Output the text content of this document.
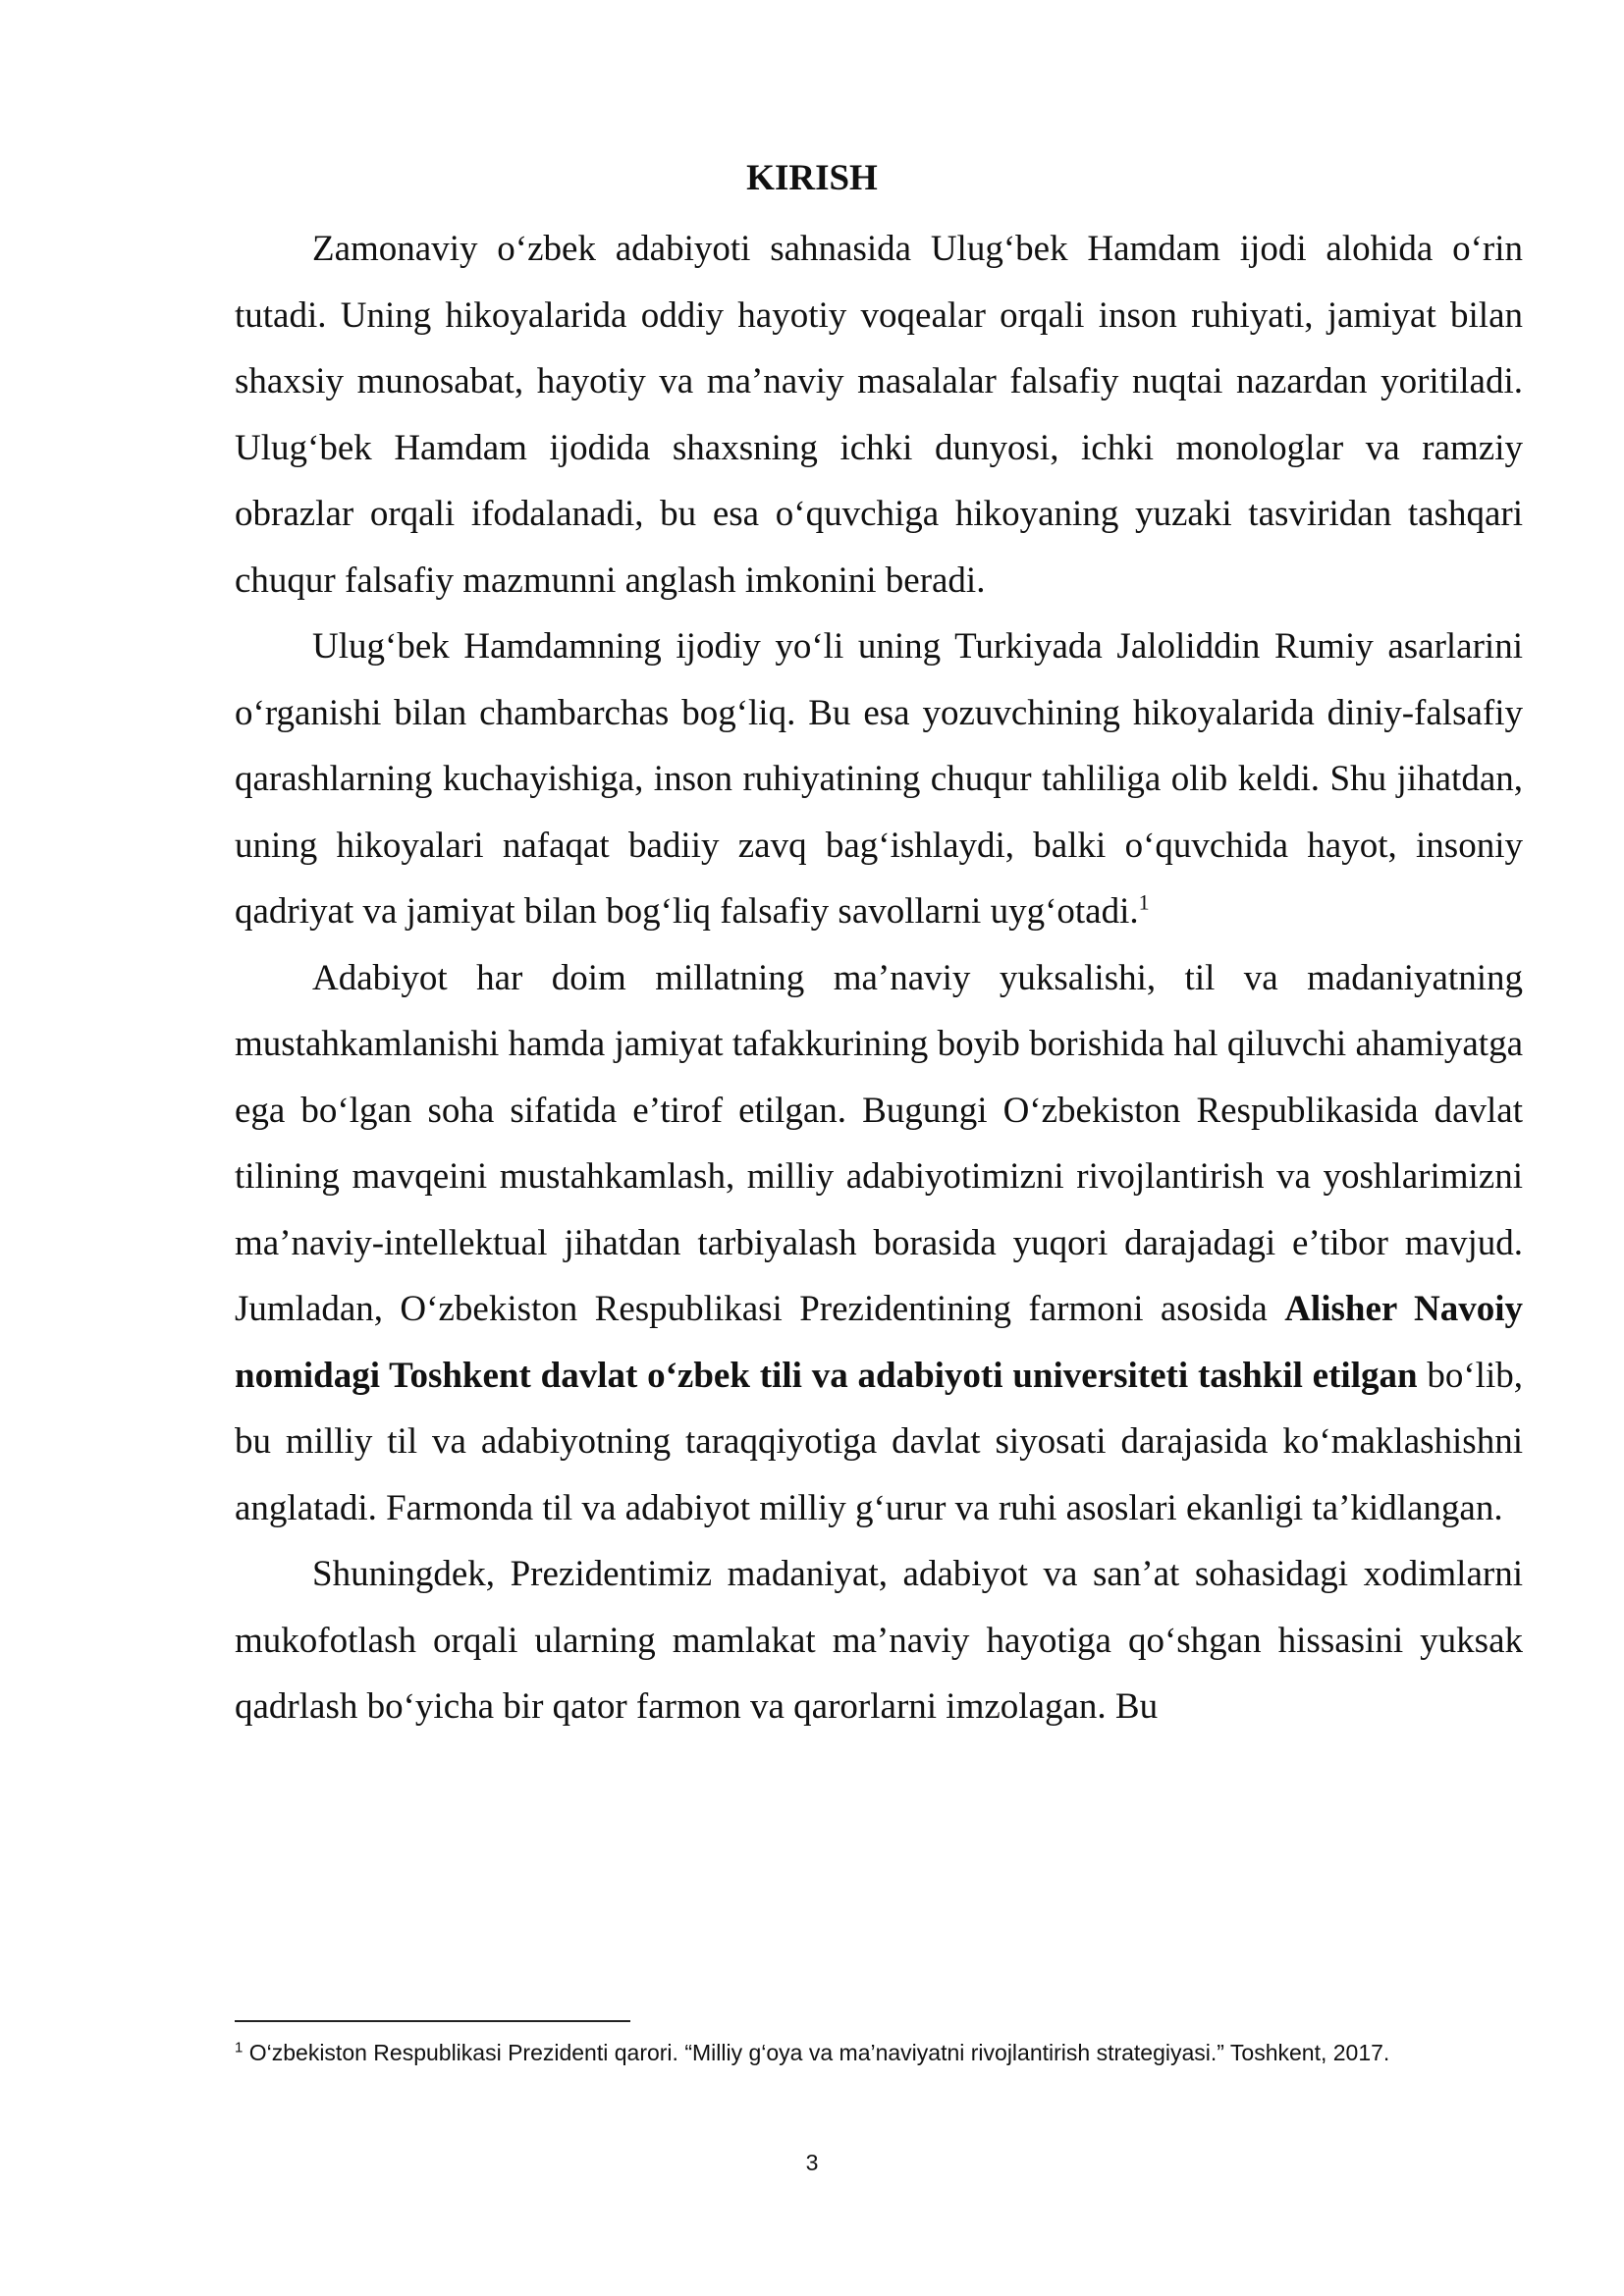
KIRISH

Zamonaviy o‘zbek adabiyoti sahnasida Ulug‘bek Hamdam ijodi alohida o‘rin tutadi. Uning hikoyalarida oddiy hayotiy voqealar orqali inson ruhiyati, jamiyat bilan shaxsiy munosabat, hayotiy va ma’naviy masalalar falsafiy nuqtai nazardan yoritiladi. Ulug‘bek Hamdam ijodida shaxsning ichki dunyosi, ichki monologlar va ramziy obrazlar orqali ifodalanadi, bu esa o‘quvchiga hikoyaning yuzaki tasviridan tashqari chuqur falsafiy mazmunni anglash imkonini beradi.

Ulug‘bek Hamdamning ijodiy yo‘li uning Turkiyada Jaloliddin Rumiy asarlarini o‘rganishi bilan chambarchas bog‘liq. Bu esa yozuvchining hikoyalarida diniy-falsafiy qarashlarning kuchayishiga, inson ruhiyatining chuqur tahliliga olib keldi. Shu jihatdan, uning hikoyalari nafaqat badiiy zavq bag‘ishlaydi, balki o‘quvchida hayot, insoniy qadriyat va jamiyat bilan bog‘liq falsafiy savollarni uyg‘otadi.$^1$

Adabiyot har doim millatning ma’naviy yuksalishi, til va madaniyatning mustahkamlanishi hamda jamiyat tafakkurining boyib borishida hal qiluvchi ahamiyatga ega bo‘lgan soha sifatida e’tirof etilgan. Bugungi O‘zbekiston Respublikasida davlat tilining mavqeini mustahkamlash, milliy adabiyotimizni rivojlantirish va yoshlarimizni ma’naviy-intellektual jihatdan tarbiyalash borasida yuqori darajadagi e’tibor mavjud. Jumladan, O‘zbekiston Respublikasi Prezidentining farmoni asosida Alisher Navoiy nomidagi Toshkent davlat o‘zbek tili va adabiyoti universiteti tashkil etilgan bo‘lib, bu milliy til va adabiyotning taraqqiyotiga davlat siyosati darajasida ko‘maklashishni anglatadi. Farmonda til va adabiyot milliy g‘urur va ruhi asoslari ekanligi ta’kidlangan.

Shuningdek, Prezidentimiz madaniyat, adabiyot va san’at sohasidagi xodimlarni mukofotlash orqali ularning mamlakat ma’naviy hayotiga qo‘shgan hissasini yuksak qadrlash bo‘yicha bir qator farmon va qarorlarni imzolagan. Bu

$^1$ O‘zbekiston Respublikasi Prezidenti qarori. “Milliy g‘oya va ma’naviyatni rivojlantirish strategiyasi.” Toshkent, 2017.
3
